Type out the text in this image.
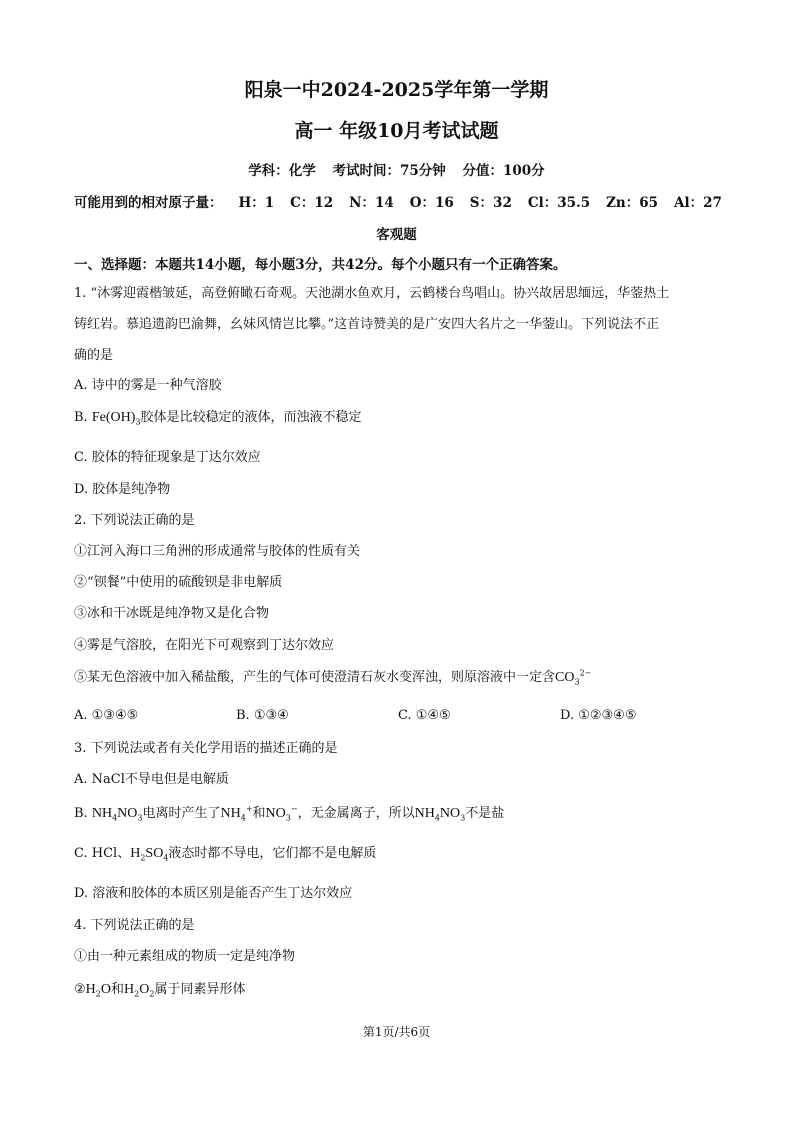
阳泉一中2024-2025学年第一学期
高一 年级10月考试试题
学科：化学 考试时间：75分钟 分值：100分
可能用到的相对原子量： H：1 C：12 N：14 O：16 S：32 Cl：35.5 Zn：65 Al：27
客观题
一、选择题：本题共14小题，每小题3分，共42分。每个小题只有一个正确答案。
1. “沐雾迎霞楷皱延，高登俯瞰石奇观。天池湖水鱼欢月，云鹤楼台鸟唱山。协兴故居思缅远，华蓥热土
铸红岩。慕追遗韵巴渝舞，幺妹风情岂比攀。”这首诗赞美的是广安四大名片之一华蓥山。下列说法不正
确的是
A. 诗中的雾是一种气溶胶
B. $Fe(OH)_3$胶体是比较稳定的液体，而浊液不稳定
C. 胶体的特征现象是丁达尔效应
D. 胶体是纯净物
2. 下列说法正确的是
①江河入海口三角洲的形成通常与胶体的性质有关
②“钡餐”中使用的硫酸钡是非电解质
③冰和干冰既是纯净物又是化合物
④雾是气溶胶，在阳光下可观察到丁达尔效应
⑤某无色溶液中加入稀盐酸，产生的气体可使澄清石灰水变浑浊，则原溶液中一定含$CO_3^{2-}$
A. ①③④⑤	B. ①③④	C. ①④⑤	D. ①②③④⑤
3. 下列说法或者有关化学用语的描述正确的是
A. NaCl不导电但是电解质
B. $NH_4NO_3$电离时产生了$NH_4^+$和$NO_3^-$，无金属离子，所以$NH_4NO_3$不是盐
C. HCl、$H_2SO_4$液态时都不导电，它们都不是电解质
D. 溶液和胶体的本质区别是能否产生丁达尔效应
4. 下列说法正确的是
①由一种元素组成的物质一定是纯净物
$②H_2O$和$H_2O_2$属于同素异形体
第1页/共6页
